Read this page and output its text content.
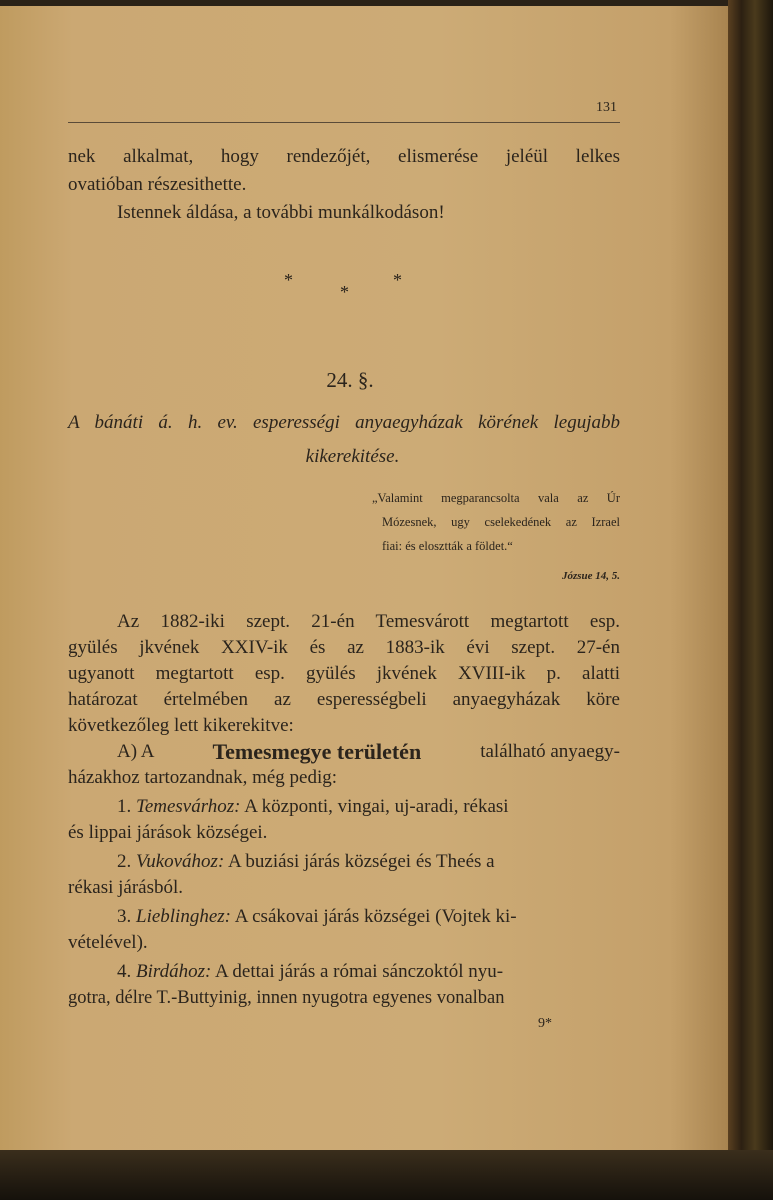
131
nek alkalmat, hogy rendezőjét, elismerése jeléül lelkes
ovatióban részesithette.
Istennek áldása, a további munkálkodáson!
*
*
*
24. §.
A bánáti á. h. ev. esperességi anyaegyházak körének legujabb
kikerekitése.
„Valamint megparancsolta vala az Úr
Mózesnek, ugy cselekedének az Izrael
fiai: és elosztták a földet.“
Józsue 14, 5.
Az 1882-iki szept. 21-én Temesvárott megtartott esp.
gyülés jkvének XXIV-ik és az 1883-ik évi szept. 27-én
ugyanott megtartott esp. gyülés jkvének XVIII-ik p. alatti
határozat értelmében az esperességbeli anyaegyházak köre
következőleg lett kikerekitve:
A) A Temesmegye területén	található anyaegy-
házakhoz tartozandnak, még pedig:
1. Temesvárhoz: A központi, vingai, uj-aradi, rékasi
és lippai járások községei.
2. Vukovához: A buziási járás községei és Theés a
rékasi járásból.
3. Lieblinghez: A csákovai járás községei (Vojtek ki-
vételével).
4. Birdához: A dettai járás a római sánczoktól nyu-
gotra, délre T.-Buttyinig, innen nyugotra egyenes vonalban
9*
